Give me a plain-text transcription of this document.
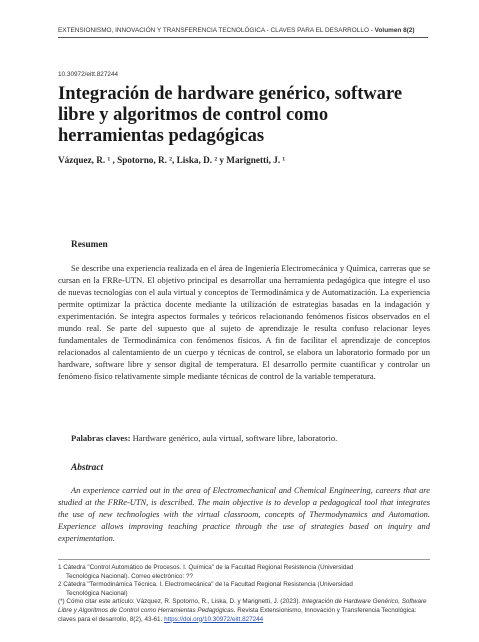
EXTENSIONISMO, INNOVACIÓN Y TRANSFERENCIA TECNOLÓGICA - CLAVES PARA EL DESARROLLO - Volumen 8(2)
10.30972/eitt.827244
Integración de hardware genérico, software libre y algoritmos de control como herramientas pedagógicas
Vázquez, R. ¹ , Spotorno, R. ², Liska, D. ² y Marignetti, J. ¹
Resumen

Se describe una experiencia realizada en el área de Ingeniería Electromecánica y Química, carreras que se cursan en la FRRe-UTN. El objetivo principal es desarrollar una herramienta pedagógica que integre el uso de nuevas tecnologías con el aula virtual y conceptos de Termodinámica y de Automatización. La experiencia permite optimizar la práctica docente mediante la utilización de estrategias basadas en la indagación y experimentación. Se integra aspectos formales y teóricos relacionando fenómenos físicos observados en el mundo real. Se parte del supuesto que al sujeto de aprendizaje le resulta confuso relacionar leyes fundamentales de Termodinámica con fenómenos físicos. A fin de facilitar el aprendizaje de conceptos relacionados al calentamiento de un cuerpo y técnicas de control, se elabora un laboratorio formado por un hardware, software libre y sensor digital de temperatura. El desarrollo permite cuantificar y controlar un fenómeno físico relativamente simple mediante técnicas de control de la variable temperatura.

Palabras claves: Hardware genérico, aula virtual, software libre, laboratorio.
Abstract

An experience carried out in the area of Electromechanical and Chemical Engineering, careers that are studied at the FRRe-UTN, is described. The main objective is to develop a pedagogical tool that integrates the use of new technologies with the virtual classroom, concepts of Thermodynamics and Automation. Experience allows improving teaching practice through the use of strategies based on inquiry and experimentation.

1 Cátedra "Control Automático de Procesos. I. Química" de la Facultad Regional Resistencia (Universidad
Tecnológica Nacional). Correo electrónico: ??
2 Cátedra "Termodinámica Técnica. I. Electromecánica" de la Facultad Regional Resistencia (Universidad
Tecnológica Nacional)
(*) Cómo citar este artículo: Vázquez, R. Spotorno, R., Liska, D. y Marignetti, J. (2023). Integración de Hardware Genérico, Software Libre y Algoritmos de Control como Herramientas Pedagógicas. Revista Extensionismo, Innovación y Transferencia Tecnológica: claves para el desarrollo, 8(2), 43-61. https://doi.org/10.30972/eitt.827244
